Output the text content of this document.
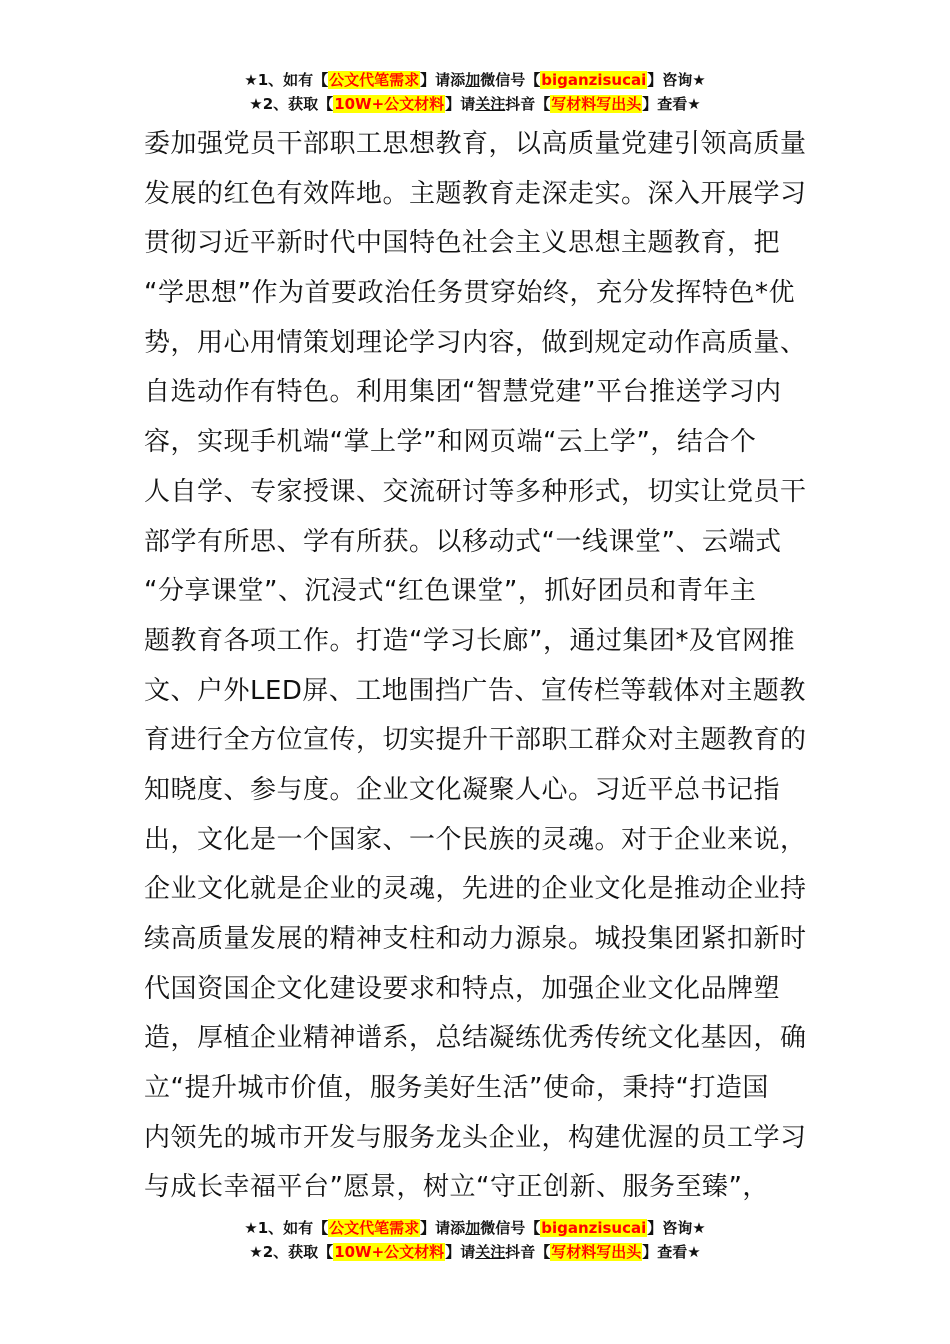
★1、如有【公文代笔需求】请添加微信号【biganzisucai】咨询★
★2、获取【10W+公文材料】请关注抖音【写材料写出头】查看★
委加强党员干部职工思想教育，以高质量党建引领高质量
发展的红色有效阵地。主题教育走深走实。深入开展学习
贯彻习近平新时代中国特色社会主义思想主题教育，把
“学思想”作为首要政治任务贯穿始终，充分发挥特色*优
势，用心用情策划理论学习内容，做到规定动作高质量、
自选动作有特色。利用集团“智慧党建”平台推送学习内
容，实现手机端“掌上学”和网页端“云上学”，结合个
人自学、专家授课、交流研讨等多种形式，切实让党员干
部学有所思、学有所获。以移动式“一线课堂”、云端式
“分享课堂”、沉浸式“红色课堂”，抓好团员和青年主
题教育各项工作。打造“学习长廊”，通过集团*及官网推
文、户外LED屏、工地围挡广告、宣传栏等载体对主题教
育进行全方位宣传，切实提升干部职工群众对主题教育的
知晓度、参与度。企业文化凝聚人心。习近平总书记指
出，文化是一个国家、一个民族的灵魂。对于企业来说，
企业文化就是企业的灵魂，先进的企业文化是推动企业持
续高质量发展的精神支柱和动力源泉。城投集团紧扣新时
代国资国企文化建设要求和特点，加强企业文化品牌塑
造，厚植企业精神谱系，总结凝练优秀传统文化基因，确
立“提升城市价值，服务美好生活”使命，秉持“打造国
内领先的城市开发与服务龙头企业，构建优渥的员工学习
与成长幸福平台”愿景，树立“守正创新、服务至臻”，
★1、如有【公文代笔需求】请添加微信号【biganzisucai】咨询★
★2、获取【10W+公文材料】请关注抖音【写材料写出头】查看★
